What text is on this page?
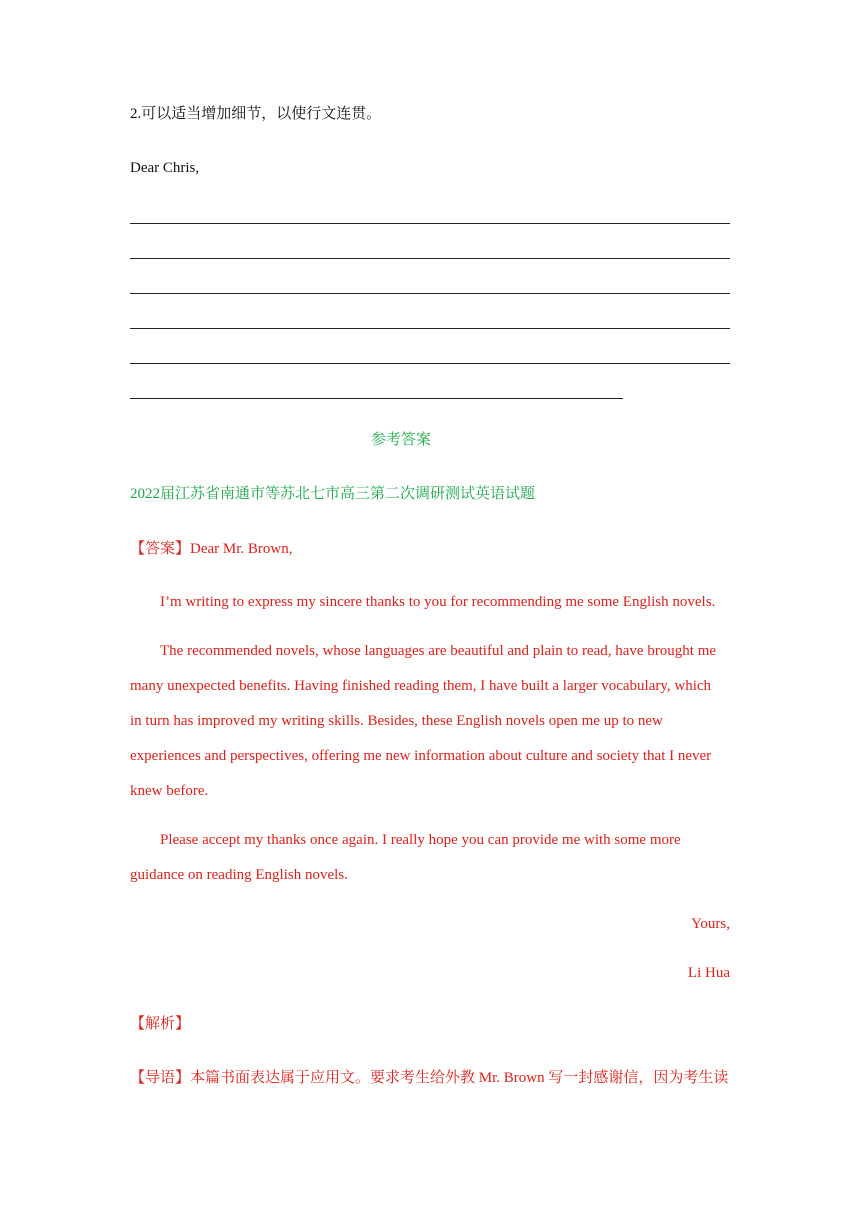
2.可以适当增加细节，以使行文连贯。
Dear Chris,
参考答案
2022届江苏省南通市等苏北七市高三第二次调研测试英语试题
【答案】Dear Mr. Brown,
I’m writing to express my sincere thanks to you for recommending me some English novels.
The recommended novels, whose languages are beautiful and plain to read, have brought me
many unexpected benefits. Having finished reading them, I have built a larger vocabulary, which
in turn has improved my writing skills. Besides, these English novels open me up to new
experiences and perspectives, offering me new information about culture and society that I never
knew before.
Please accept my thanks once again. I really hope you can provide me with some more
guidance on reading English novels.
Yours,
Li Hua
【解析】
【导语】本篇书面表达属于应用文。要求考生给外教 Mr. Brown 写一封感谢信，因为考生读
